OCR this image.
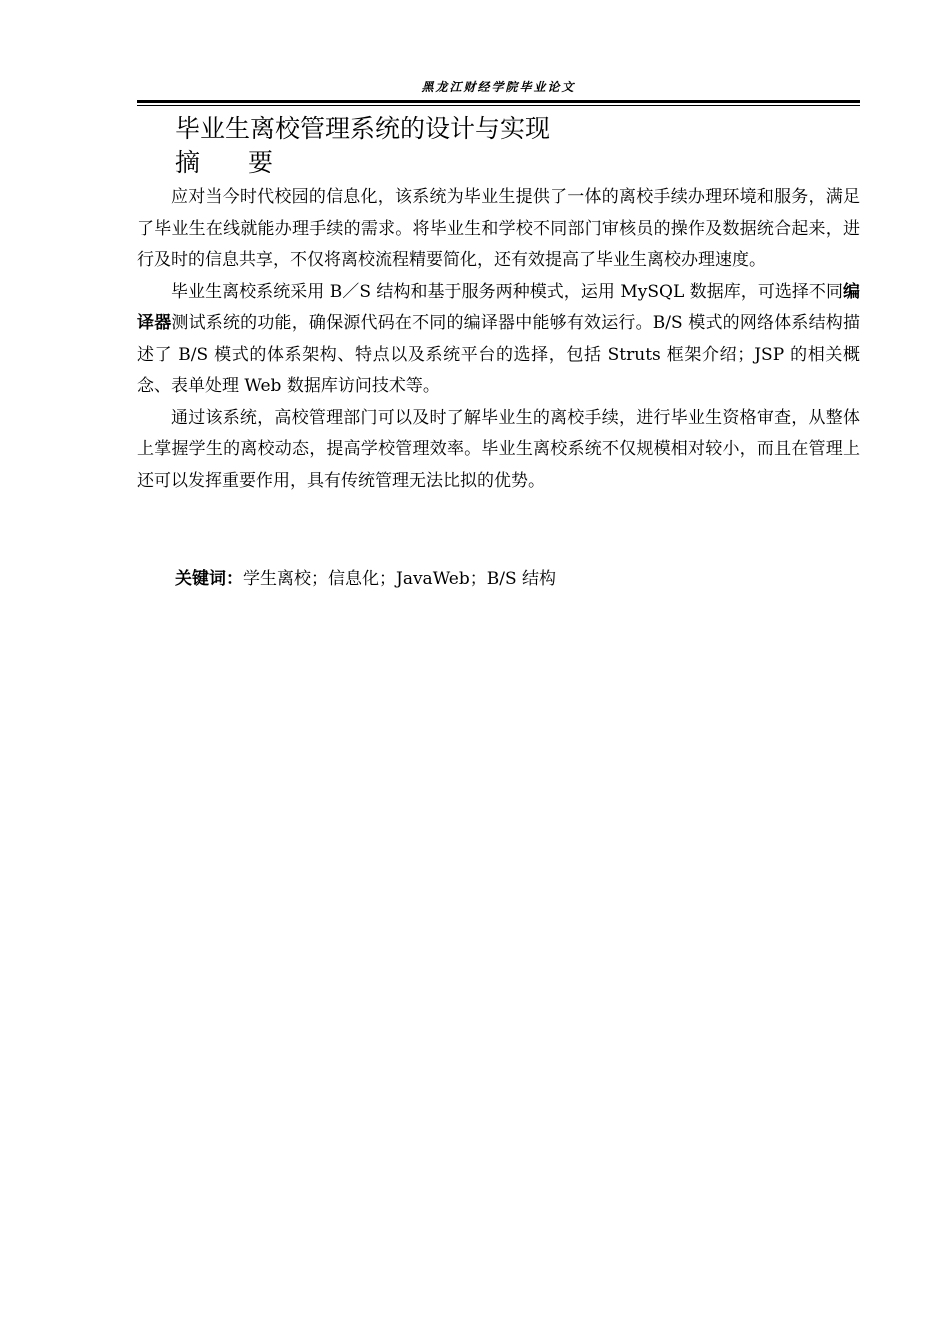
黑龙江财经学院毕业论文
毕业生离校管理系统的设计与实现
摘要

应对当今时代校园的信息化，该系统为毕业生提供了一体的离校手续办理环境和服务，满足了毕业生在线就能办理手续的需求。将毕业生和学校不同部门审核员的操作及数据统合起来，进行及时的信息共享，不仅将离校流程精要简化，还有效提高了毕业生离校办理速度。

毕业生离校系统采用 B／S 结构和基于服务两种模式，运用 MySQL 数据库，可选择不同编译器测试系统的功能，确保源代码在不同的编译器中能够有效运行。B/S 模式的网络体系结构描述了 B/S 模式的体系架构、特点以及系统平台的选择，包括 Struts 框架介绍；JSP 的相关概念、表单处理 Web 数据库访问技术等。

通过该系统，高校管理部门可以及时了解毕业生的离校手续，进行毕业生资格审查，从整体上掌握学生的离校动态，提高学校管理效率。毕业生离校系统不仅规模相对较小，而且在管理上还可以发挥重要作用，具有传统管理无法比拟的优势。

关键词：学生离校；信息化；JavaWeb；B/S 结构
